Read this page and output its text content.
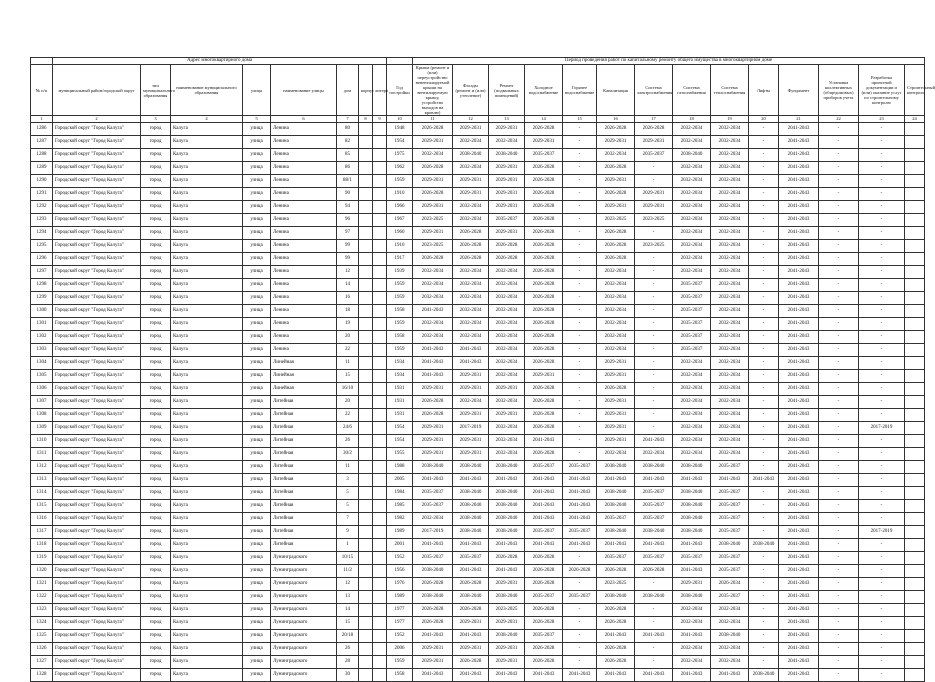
	Адрес многоквартирного дома									Период проведения работ по капитальному ремонту общего имущества в многоквартирном доме													
№ п/п	муниципальный район/городской округ	тип муниципального образования	наименование муниципального образования	улица	наименование улицы	дом	корпус	литера	Год постройки	Крыша (ремонт и (или) переустройство невентилируемой крыши на вентилируемую крышу, устройство выходов на кровлю)	Фасады (ремонт и (или) утепление)	Ремонт (подвальных помещений)	Холодное водоснабжение	Горячее водоснабжение	Канализация	Система электроснабжения	Система газоснабжения	Система теплоснабжения	Лифты	Фундамент	Установка коллективных (общедомовых) приборов учета	Разработка проектной документации и (или) оказание услуг по строительному контролю	Строительный контроль
1	2	3	4	5	6	7	8	9	10	11	12	13	14	15	16	17	18	19	20	21	22	23	24
1286	Городской округ "Город Калуга"	город	Калуга	улица	Ленина	80			1948	2026-2028	2029-2031	2029-2031	2026-2028	-	2026-2028	2026-2028	2032-2034	2032-2034	-	2041-2043	-	-	
1287	Городской округ "Город Калуга"	город	Калуга	улица	Ленина	82			1954	2029-2031	2032-2034	2032-2034	2029-2031	-	2029-2031	2029-2031	2032-2034	2032-2034	-	2041-2043	-	-	
1288	Городской округ "Город Калуга"	город	Калуга	улица	Ленина	85			1975	2032-2034	2038-2040	2038-2040	2035-2037	-	2032-2034	2035-2037	2038-2040	2032-2034	-	2041-2043	-	-	
1289	Городской округ "Город Калуга"	город	Калуга	улица	Ленина	86			1962	2026-2028	2032-2034	2029-2031	2026-2028	-	2026-2028	-	2032-2034	2032-2034	-	2041-2043	-	-	
1290	Городской округ "Город Калуга"	город	Калуга	улица	Ленина	88/1			1959	2029-2031	2029-2031	2029-2031	2026-2028	-	2029-2031	-	2032-2034	2032-2034	-	2041-2043	-	-	
1291	Городской округ "Город Калуга"	город	Калуга	улица	Ленина	90			1910	2026-2028	2029-2031	2029-2031	2026-2028	-	2026-2028	2029-2031	2032-2034	2032-2034	-	2041-2043	-	-	
1292	Городской округ "Город Калуга"	город	Калуга	улица	Ленина	94			1966	2029-2031	2032-2034	2029-2031	2026-2028	-	2029-2031	2029-2031	2032-2034	2032-2034	-	2041-2043	-	-	
1293	Городской округ "Город Калуга"	город	Калуга	улица	Ленина	96			1967	2023-2025	2032-2034	2035-2037	2026-2028	-	2023-2025	2023-2025	2032-2034	2032-2034	-	2041-2043	-	-	
1294	Городской округ "Город Калуга"	город	Калуга	улица	Ленина	97			1960	2029-2031	2026-2028	2029-2031	2026-2028	-	2026-2028	-	2032-2034	2032-2034	-	2041-2043	-	-	
1295	Городской округ "Город Калуга"	город	Калуга	улица	Ленина	99			1910	2023-2025	2026-2028	2026-2028	2026-2028	-	2026-2028	2023-2025	2032-2034	2032-2034	-	2041-2043	-	-	
1296	Городской округ "Город Калуга"	город	Калуга	улица	Ленина	99			1917	2026-2028	2026-2028	2026-2028	2026-2028	-	2026-2028	-	2032-2034	2032-2034	-	2041-2043	-	-	
1297	Городской округ "Город Калуга"	город	Калуга	улица	Ленина	12			1939	2032-2034	2032-2034	2032-2034	2026-2028	-	2032-2034	-	2032-2034	2032-2034	-	2041-2043	-	-	
1298	Городской округ "Город Калуга"	город	Калуга	улица	Ленина	14			1959	2032-2034	2032-2034	2032-2034	2026-2028	-	2032-2034	-	2035-2037	2032-2034	-	2041-2043	-	-	
1299	Городской округ "Город Калуга"	город	Калуга	улица	Ленина	16			1959	2032-2034	2032-2034	2032-2034	2026-2028	-	2032-2034	-	2035-2037	2032-2034	-	2041-2043	-	-	
1300	Городской округ "Город Калуга"	город	Калуга	улица	Ленина	18			1958	2041-2043	2032-2034	2032-2034	2026-2028	-	2032-2034	-	2035-2037	2032-2034	-	2041-2043	-	-	
1301	Городской округ "Город Калуга"	город	Калуга	улица	Ленина	19			1959	2032-2034	2032-2034	2032-2034	2026-2028	-	2032-2034	-	2035-2037	2032-2034	-	2041-2043	-	-	
1302	Городской округ "Город Калуга"	город	Калуга	улица	Ленина	20			1958	2032-2034	2032-2034	2032-2034	2026-2028	-	2032-2034	-	2035-2037	2032-2034	-	2041-2043	-	-	
1303	Городской округ "Город Калуга"	город	Калуга	улица	Ленина	22			1959	2041-2043	2041-2043	2032-2034	2026-2028	-	2032-2034	-	2035-2037	2032-2034	-	2041-2043	-	-	
1304	Городской округ "Город Калуга"	город	Калуга	улица	Линейная	11			1934	2041-2043	2041-2043	2032-2034	2026-2028	-	2029-2031	-	2032-2034	2032-2034	-	2041-2043	-	-	
1305	Городской округ "Город Калуга"	город	Калуга	улица	Линейная	15			1934	2041-2043	2029-2031	2032-2034	2029-2031	-	2029-2031	-	2032-2034	2032-2034	-	2041-2043	-	-	
1306	Городской округ "Город Калуга"	город	Калуга	улица	Линейная	16/10			1931	2029-2031	2029-2031	2029-2031	2026-2028	-	2026-2028	-	2032-2034	2032-2034	-	2041-2043	-	-	
1307	Городской округ "Город Калуга"	город	Калуга	улица	Литейная	20			1931	2026-2028	2032-2034	2032-2034	2026-2028	-	2029-2031	-	2032-2034	2032-2034	-	2041-2043	-	-	
1308	Городской округ "Город Калуга"	город	Калуга	улица	Литейная	22			1931	2026-2028	2029-2031	2029-2031	2026-2028	-	2029-2031	-	2032-2034	2032-2034	-	2041-2043	-	-	
1309	Городской округ "Город Калуга"	город	Калуга	улица	Литейная	24/6			1954	2029-2031	2017-2019	2032-2034	2026-2028	-	2029-2031	-	2032-2034	2032-2034	-	2041-2043	-	2017-2019	
1310	Городской округ "Город Калуга"	город	Калуга	улица	Литейная	26			1954	2029-2031	2029-2031	2032-2034	2041-2043	-	2029-2031	2041-2043	2032-2034	2032-2034	-	2041-2043	-	-	
1311	Городской округ "Город Калуга"	город	Калуга	улица	Литейная	30/2			1955	2029-2031	2029-2031	2032-2034	2026-2028	-	2032-2034	2032-2034	2032-2034	2032-2034	-	2041-2043	-	-	
1312	Городской округ "Город Калуга"	город	Калуга	улица	Литейная	11			1988	2038-2040	2038-2040	2038-2040	2035-2037	2035-2037	2038-2040	2038-2040	2038-2040	2035-2037	-	2041-2043	-	-	
1313	Городской округ "Город Калуга"	город	Калуга	улица	Литейная	3			2005	2041-2043	2041-2043	2041-2043	2041-2043	2041-2043	2041-2043	2041-2043	2041-2043	2041-2043	2041-2043	2041-2043	-	-	
1314	Городской округ "Город Калуга"	город	Калуга	улица	Литейная	5			1984	2035-2037	2038-2040	2038-2040	2041-2043	2041-2043	2038-2040	2035-2037	2038-2040	2035-2037	-	2041-2043	-	-	
1315	Городской округ "Город Калуга"	город	Калуга	улица	Литейная	5			1985	2035-2037	2038-2040	2038-2040	2041-2043	2041-2043	2038-2040	2035-2037	2038-2040	2035-2037	-	2041-2043	-	-	
1316	Городской округ "Город Калуга"	город	Калуга	улица	Литейная	7			1982	2032-2034	2038-2040	2038-2040	2041-2043	2041-2043	2035-2037	2035-2037	2038-2040	2035-2037	-	2041-2043	-	-	
1317	Городской округ "Город Калуга"	город	Калуга	улица	Литейная	9			1989	2017-2019	2038-2040	2038-2040	2035-2037	2035-2037	2038-2040	2038-2040	2038-2040	2035-2037	-	2041-2043	-	2017-2019	
1318	Городской округ "Город Калуга"	город	Калуга	улица	Литейная	1			2001	2041-2043	2041-2043	2041-2043	2041-2043	2041-2043	2041-2043	2041-2043	2041-2043	2038-2040	2038-2040	2041-2043	-	-	
1319	Городской округ "Город Калуга"	город	Калуга	улица	Лунинградского	10/15			1952	2035-2037	2035-2037	2026-2028	2026-2028	-	2035-2037	2035-2037	2035-2037	2035-2037	-	2041-2043	-	-	
1320	Городской округ "Город Калуга"	город	Калуга	улица	Лунинградского	11/2			1956	2038-2040	2041-2043	2041-2043	2026-2028	2026-2028	2026-2028	2026-2028	2041-2043	2035-2037	-	2041-2043	-	-	
1321	Городской округ "Город Калуга"	город	Калуга	улица	Лунинградского	12			1976	2026-2028	2026-2028	2029-2031	2026-2028	-	2023-2025	-	2029-2031	2026-2034	-	2041-2043	-	-	
1322	Городской округ "Город Калуга"	город	Калуга	улица	Лунинградского	13			1989	2038-2040	2038-2040	2038-2040	2035-2037	2035-2037	2038-2040	2038-2040	2038-2040	2035-2037	-	2041-2043	-	-	
1323	Городской округ "Город Калуга"	город	Калуга	улица	Лунинградского	14			1977	2026-2028	2026-2028	2023-2025	2026-2028	-	2026-2028	-	2032-2034	2032-2034	-	2041-2043	-	-	
1324	Городской округ "Город Калуга"	город	Калуга	улица	Лунинградского	15			1977	2026-2028	2029-2031	2029-2031	2026-2028	-	2026-2028	-	2032-2034	2032-2034	-	2041-2043	-	-	
1325	Городской округ "Город Калуга"	город	Калуга	улица	Лунинградского	20/18			1952	2041-2043	2041-2043	2038-2040	2035-2037	-	2041-2043	2041-2043	2041-2043	2038-2040	-	2041-2043	-	-	
1326	Городской округ "Город Калуга"	город	Калуга	улица	Лунинградского	26			2006	2029-2031	2029-2031	2029-2031	2026-2028	-	2026-2028	-	2032-2034	2032-2034	-	2041-2043	-	-	
1327	Городской округ "Город Калуга"	город	Калуга	улица	Лунинградского	28			1959	2029-2031	2026-2028	2029-2031	2026-2028	-	2026-2028	-	2032-2034	2032-2034	-	2041-2043	-	-	
1328	Городской округ "Город Калуга"	город	Калуга	улица	Лунинградского	30			1958	2041-2043	2041-2043	2041-2043	2041-2043	2041-2043	2041-2043	2041-2043	2041-2043	2041-2043	2038-2040	2041-2043	-	-	
